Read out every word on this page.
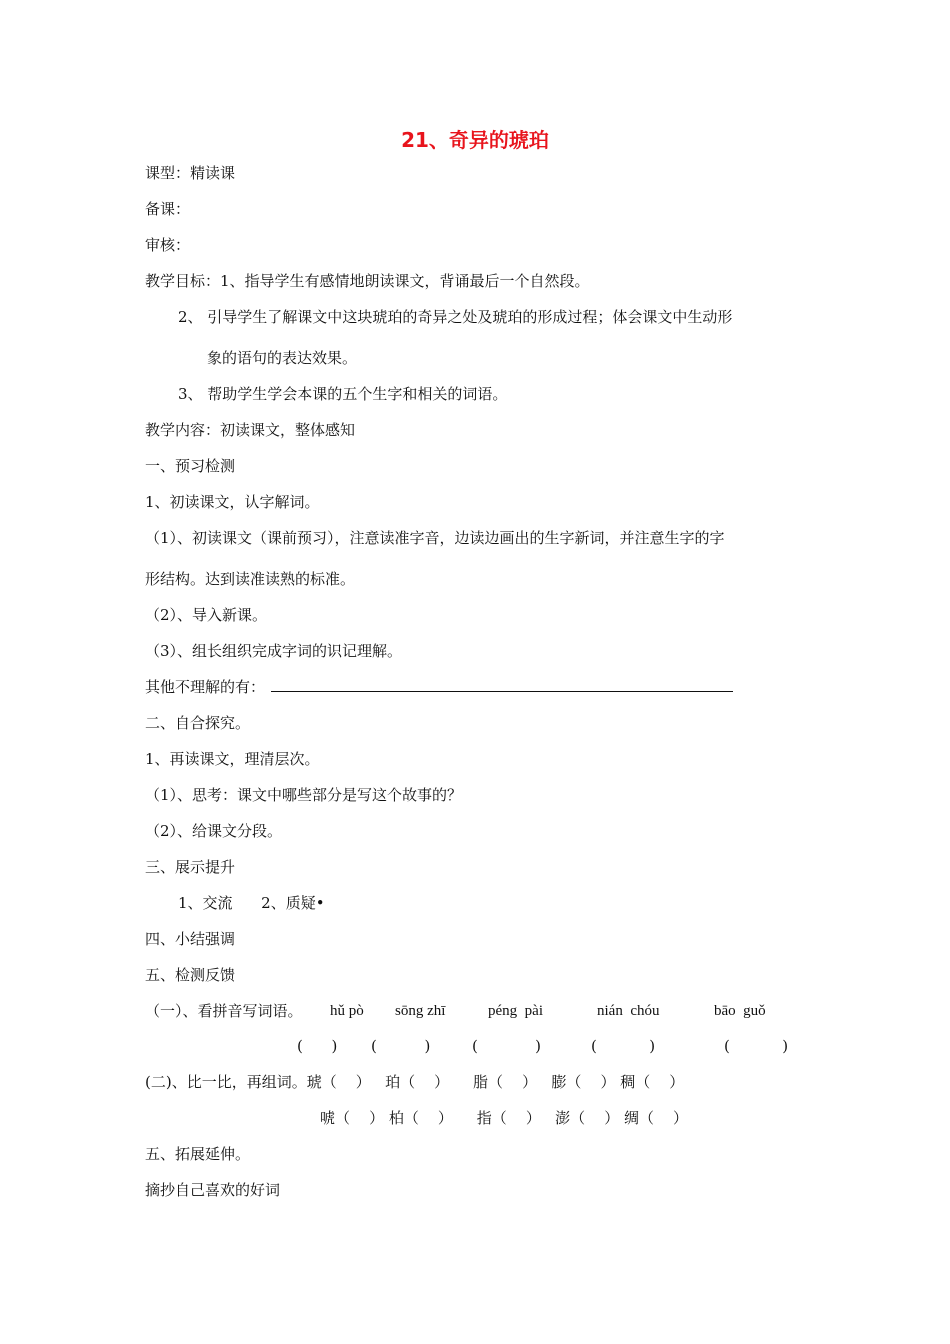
21、奇异的琥珀
课型：精读课
备课：
审核：
教学目标：1、指导学生有感情地朗读课文，背诵最后一个自然段。
2、 引导学生了解课文中这块琥珀的奇异之处及琥珀的形成过程；体会课文中生动形
象的语句的表达效果。
3、 帮助学生学会本课的五个生字和相关的词语。
教学内容：初读课文，整体感知
一、预习检测
1、初读课文，认字解词。
（1）、初读课文（课前预习），注意读准字音，边读边画出的生字新词，并注意生字的字
形结构。达到读准读熟的标准。
（2）、导入新课。
（3）、组长组织完成字词的识记理解。
其他不理解的有：
二、自合探究。
1、再读课文，理清层次。
（1）、思考：课文中哪些部分是写这个故事的？
（2）、给课文分段。
三、展示提升
1、交流      2、质疑•
四、小结强调
五、检测反馈
（一）、看拼音写词语。 hǔ pò sōng zhī	péng  pài	nián  chóu	bāo  guǒ
(      ) (          )	(            )	(           )	(           )
(二)、比一比，再组词。琥（    ）   珀（    ）     脂（    ）   膨（    ） 稠（    ）
唬（    ） 柏（    ）     指（    ）   澎（    ） 绸（    ）
五、拓展延伸。
摘抄自己喜欢的好词
